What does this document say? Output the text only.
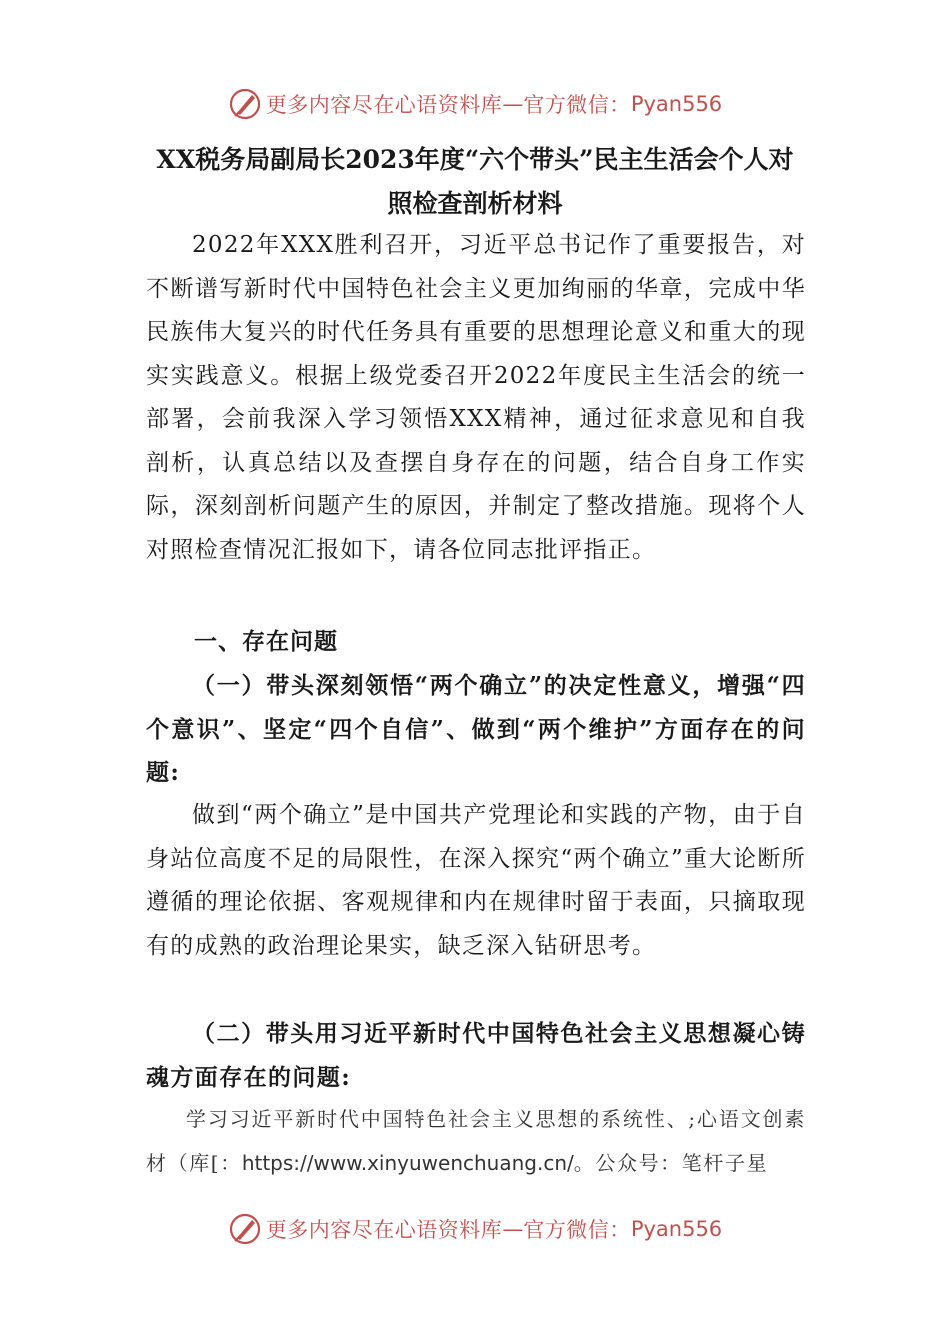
更多内容尽在心语资料库 — 官方微信： Pyan556
XX税务局副局长2023年度“六个带头”民主生活会个人对
照检查剖析材料

2022年XXX胜利召开，习近平总书记作了重要报告，对不断谱写新时代中国特色社会主义更加绚丽的华章，完成中华民族伟大复兴的时代任务具有重要的思想理论意义和重大的现实实践意义。根据上级党委召开2022年度民主生活会的统一部署，会前我深入学习领悟XXX精神，通过征求意见和自我剖析，认真总结以及查摆自身存在的问题，结合自身工作实际，深刻剖析问题产生的原因，并制定了整改措施。现将个人对照检查情况汇报如下，请各位同志批评指正。

一、存在问题

（一）带头深刻领悟“两个确立”的决定性意义，增强“四个意识”、坚定“四个自信”、做到“两个维护”方面存在的问题:

做到“两个确立”是中国共产党理论和实践的产物，由于自身站位高度不足的局限性，在深入探究“两个确立”重大论断所遵循的理论依据、客观规律和内在规律时留于表面，只摘取现有的成熟的政治理论果实，缺乏深入钻研思考。

（二）带头用习近平新时代中国特色社会主义思想凝心铸魂方面存在的问题:

学习习近平新时代中国特色社会主义思想的系统性、;心语文创素材（库[：https://www.xinyuwenchuang.cn/。公众号：笔杆子星

更多内容尽在心语资料库 — 官方微信： Pyan556
